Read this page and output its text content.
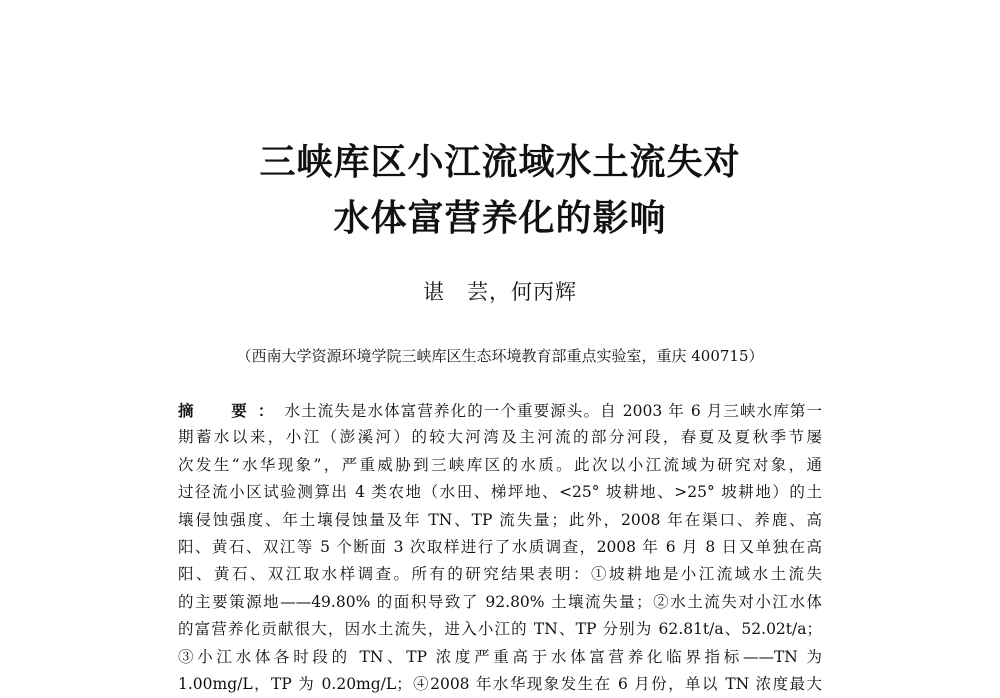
三峡库区小江流域水土流失对
水体富营养化的影响
谌　芸，何丙辉
（西南大学资源环境学院三峡库区生态环境教育部重点实验室，重庆 400715）
摘　要：水土流失是水体富营养化的一个重要源头。自 2003 年 6 月三峡水库第一
期蓄水以来，小江（澎溪河）的较大河湾及主河流的部分河段，春夏及夏秋季节屡
次发生“水华现象”，严重威胁到三峡库区的水质。此次以小江流域为研究对象，通
过径流小区试验测算出 4 类农地（水田、梯坪地、<25° 坡耕地、>25° 坡耕地）的土
壤侵蚀强度、年土壤侵蚀量及年 TN、TP 流失量；此外，2008 年在渠口、养鹿、高
阳、黄石、双江等 5 个断面 3 次取样进行了水质调查，2008 年 6 月 8 日又单独在高
阳、黄石、双江取水样调查。所有的研究结果表明：①坡耕地是小江流域水土流失
的主要策源地——49.80% 的面积导致了 92.80% 土壤流失量；②水土流失对小江水体
的富营养化贡献很大，因水土流失，进入小江的 TN、TP 分别为 62.81t/a、52.02t/a；
③小江水体各时段的 TN、TP 浓度严重高于水体富营养化临界指标——TN 为
1.00mg/L，TP 为 0.20mg/L；④2008 年水华现象发生在 6 月份，单以 TN 浓度最大
